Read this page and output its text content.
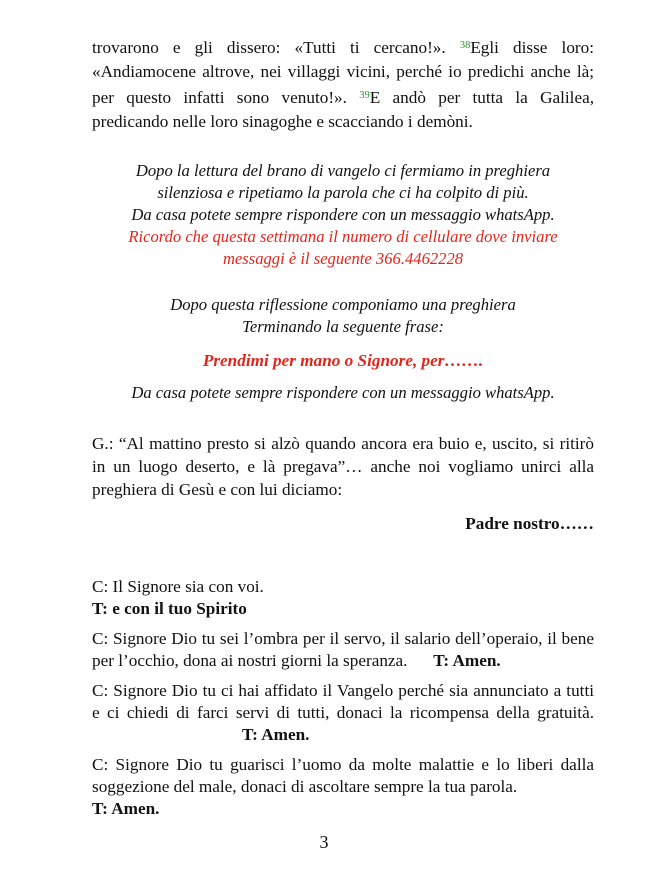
trovarono e gli dissero: «Tutti ti cercano!». $^{38}$Egli disse loro: «Andiamocene altrove, nei villaggi vicini, perché io predichi anche là; per questo infatti sono venuto!». $^{39}$E andò per tutta la Galilea, predicando nelle loro sinagoghe e scacciando i demòni.

Dopo la lettura del brano di vangelo ci fermiamo in preghiera

silenziosa e ripetiamo la parola che ci ha colpito di più.

Da casa potete sempre rispondere con un messaggio whatsApp.

Ricordo che questa settimana il numero di cellulare dove inviare

messaggi è il seguente 366.4462228

Dopo questa riflessione componiamo una preghiera

Terminando la seguente frase:

Prendimi per mano o Signore, per…….

Da casa potete sempre rispondere con un messaggio whatsApp.

G.: “Al mattino presto si alzò quando ancora era buio e, uscito, si ritirò in un luogo deserto, e là pregava”… anche noi vogliamo unirci alla preghiera di Gesù e con lui diciamo:

Padre nostro……

C: Il Signore sia con voi.

T: e con il tuo Spirito

C: Signore Dio tu sei l’ombra per il servo, il salario dell’operaio, il bene per l’occhio, dona ai nostri giorni la speranza. T: Amen.

C: Signore Dio tu ci hai affidato il Vangelo perché sia annunciato a tutti e ci chiedi di farci servi di tutti, donaci la ricompensa della gratuità.T: Amen.

C: Signore Dio tu guarisci l’uomo da molte malattie e lo liberi dalla soggezione del male, donaci di ascoltare sempre la tua parola.

T: Amen.

3
